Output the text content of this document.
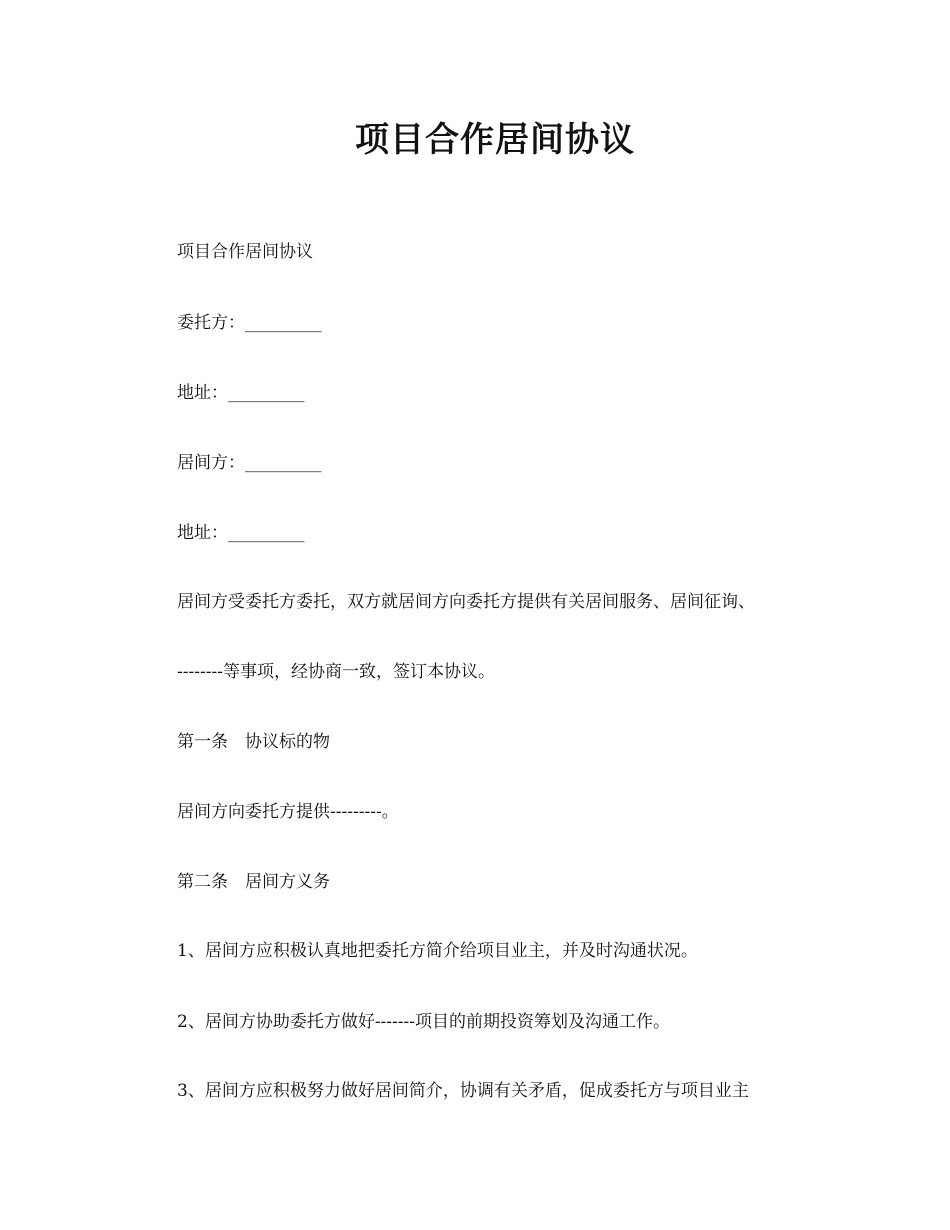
项目合作居间协议
项目合作居间协议
委托方：_________
地址：_________
居间方：_________
地址：_________
居间方受委托方委托，双方就居间方向委托方提供有关居间服务、居间征询、
--------等事项，经协商一致，签订本协议。
第一条　协议标的物
居间方向委托方提供---------。
第二条　居间方义务
1、居间方应积极认真地把委托方简介给项目业主，并及时沟通状况。
2、居间方协助委托方做好-------项目的前期投资筹划及沟通工作。
3、居间方应积极努力做好居间简介，协调有关矛盾，促成委托方与项目业主
